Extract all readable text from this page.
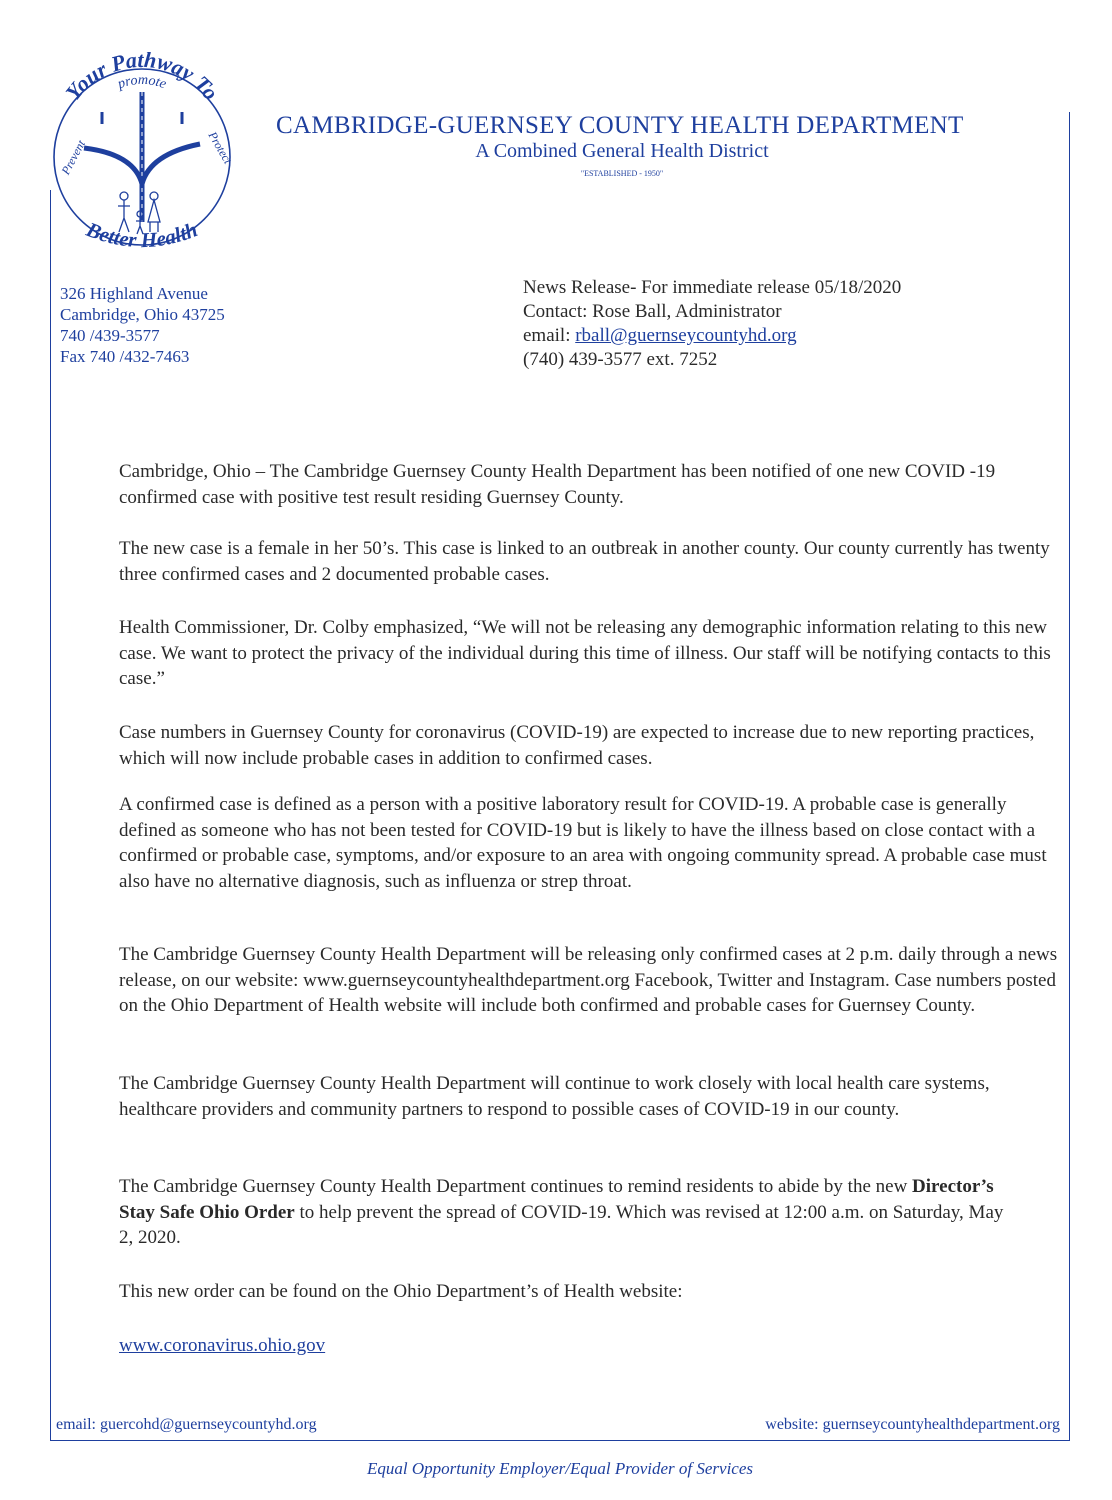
Your Pathway To
promote
Prevent	Protect
Better Health
CAMBRIDGE-GUERNSEY COUNTY HEALTH DEPARTMENT
A Combined General Health District
"ESTABLISHED - 1950"
326 Highland Avenue
Cambridge, Ohio 43725
740 /439-3577
Fax 740 /432-7463
News Release- For immediate release 05/18/2020
Contact: Rose Ball, Administrator
email: rball@guernseycountyhd.org
(740) 439-3577 ext. 7252
Cambridge, Ohio – The Cambridge Guernsey County Health Department has been notified of one new COVID -19 confirmed case with positive test result residing Guernsey County.
The new case is a female in her 50’s. This case is linked to an outbreak in another county. Our county currently has twenty three confirmed cases and 2 documented probable cases.
Health Commissioner, Dr. Colby emphasized, “We will not be releasing any demographic information relating to this new case. We want to protect the privacy of the individual during this time of illness. Our staff will be notifying contacts to this case.”
Case numbers in Guernsey County for coronavirus (COVID-19) are expected to increase due to new reporting practices, which will now include probable cases in addition to confirmed cases.
A confirmed case is defined as a person with a positive laboratory result for COVID-19. A probable case is generally defined as someone who has not been tested for COVID-19 but is likely to have the illness based on close contact with a confirmed or probable case, symptoms, and/or exposure to an area with ongoing community spread. A probable case must also have no alternative diagnosis, such as influenza or strep throat.
The Cambridge Guernsey County Health Department will be releasing only confirmed cases at 2 p.m. daily through a news release, on our website: www.guernseycountyhealthdepartment.org Facebook, Twitter and Instagram. Case numbers posted on the Ohio Department of Health website will include both confirmed and probable cases for Guernsey County.
The Cambridge Guernsey County Health Department will continue to work closely with local health care systems, healthcare providers and community partners to respond to possible cases of COVID-19 in our county.
The Cambridge Guernsey County Health Department continues to remind residents to abide by the new Director’s Stay Safe Ohio Order to help prevent the spread of COVID-19. Which was revised at 12:00 a.m. on Saturday, May 2, 2020.
This new order can be found on the Ohio Department’s of Health website:
www.coronavirus.ohio.gov
email: guercohd@guernseycountyhd.org	website: guernseycountyhealthdepartment.org
Equal Opportunity Employer/Equal Provider of Services
